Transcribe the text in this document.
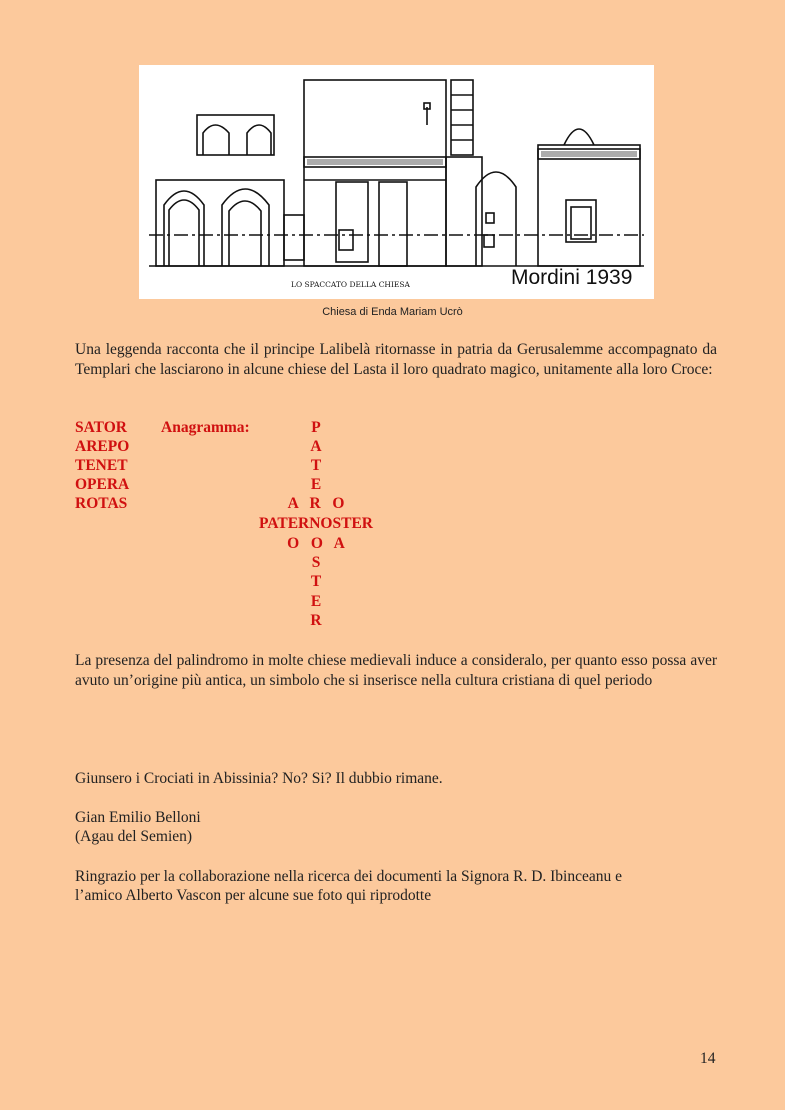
LO SPACCATO DELLA CHIESA	Mordini 1939
Chiesa di Enda Mariam Ucrò
Una leggenda racconta che il principe Lalibelà ritornasse in patria da Gerusalemme accompagnato da Templari che lasciarono in alcune chiese del Lasta il loro quadrato magico, unitamente alla loro Croce:
SATOR
AREPO
TENET
OPERA
ROTAS
Anagramma:	P
A
T
E
A   R   O
PATERNOSTER
O   O   A
S
T
E
R
La presenza del palindromo in molte chiese medievali induce a consideralo, per quanto esso possa aver avuto un’origine più antica, un simbolo che si inserisce nella cultura cristiana di quel periodo
Giunsero i Crociati in Abissinia? No? Si? Il dubbio rimane.
Gian Emilio Belloni
(Agau del Semien)
Ringrazio per la collaborazione nella ricerca dei documenti la Signora R. D. Ibinceanu e
l’amico Alberto Vascon per alcune sue foto qui riprodotte
14
